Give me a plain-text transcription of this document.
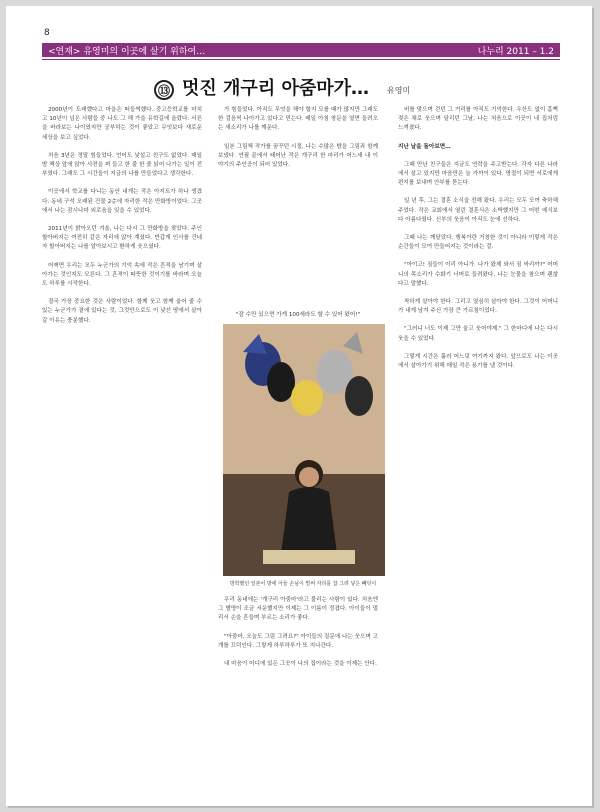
8
<연재> 유영미의 이곳에 살기 위하여…	나누리 2011 – 1.2
⑬ 멋진 개구리 아줌마가… 유영미

2000년이 도래했다고 마을은 떠들썩했다. 중고등학교를 마치고 10년이 넘은 사람들 중 나도 그 해 가을 유학길에 올랐다. 서른을 바라보는 나이였지만 공부하는 것이 좋았고 무엇보다 새로운 세상을 보고 싶었다.

처음 3년은 정말 힘들었다. 언어도 낯설고 친구도 없었다. 매일 밤 책상 앞에 앉아 사전을 펴 들고 한 줄 한 줄 읽어 나가는 일이 전부였다. 그래도 그 시간들이 지금의 나를 만들었다고 생각한다.

이곳에서 학교를 다니는 동안 내게는 작은 아지트가 하나 생겼다. 동네 구석 오래된 건물 2층에 자리한 작은 만화방이었다. 그곳에서 나는 잠시나마 외로움을 잊을 수 있었다.

2011년이 밝아오던 겨울, 나는 다시 그 만화방을 찾았다. 주인 할아버지는 여전히 같은 자리에 앉아 계셨다. 반갑게 인사를 건네자 할아버지는 나를 알아보시고 환하게 웃으셨다.

어쩌면 우리는 모두 누군가의 기억 속에 작은 흔적을 남기며 살아가는 것인지도 모른다. 그 흔적이 따뜻한 것이기를 바라며 오늘도 하루를 시작한다.

결국 가장 중요한 것은 사람이었다. 함께 웃고 함께 울어 줄 수 있는 누군가가 곁에 있다는 것, 그것만으로도 이 낯선 땅에서 살아갈 이유는 충분했다.

가 힘들었다. 아직도 무엇을 해야 할지 모를 때가 많지만 그래도 한 걸음씩 나아가고 있다고 믿는다. 매일 아침 창문을 열면 들려오는 새소리가 나를 깨운다.

일본 그림책 작가를 꿈꾸던 시절, 나는 수많은 밤을 그림과 함께 보냈다. 연필 끝에서 태어난 작은 개구리 한 마리가 어느새 내 이야기의 주인공이 되어 있었다.

"잘 수만 있으면 가게 100세라도 할 수 있어 왔어!"
방학했던 일본어 방에 아들 손님이 벌써 자리를 잡 그려 넣은 빼딧이

우리 동네에는 '개구리 아줌마'라고 불리는 사람이 있다. 처음엔 그 별명이 조금 서운했지만 이제는 그 이름이 정겹다. 아이들이 멀리서 손을 흔들며 부르는 소리가 좋다.

"아줌마, 오늘도 그림 그려요?" 아이들의 질문에 나는 웃으며 고개를 끄덕인다. 그렇게 하루하루가 또 지나간다.

내 마음이 어디에 있든 그곳이 나의 집이라는 것을 이제는 안다.

비를 맞으며 걷던 그 거리를 아직도 기억한다. 우산도 없이 흠뻑 젖은 채로 웃으며 달리던 그날, 나는 처음으로 이곳이 내 집처럼 느껴졌다.

지난 날을 돌아보면…

그때 만난 친구들은 지금도 연락을 주고받는다. 각자 다른 나라에서 살고 있지만 마음만은 늘 가까이 있다. 명절이 되면 서로에게 편지를 보내며 안부를 묻는다.

일 년 후, 그는 결혼 소식을 전해 왔다. 우리는 모두 모여 축하해 주었다. 작은 교회에서 열린 결혼식은 소박했지만 그 어떤 예식보다 아름다웠다. 신부의 웃음이 아직도 눈에 선하다.

그때 나는 깨달았다. 행복이란 거창한 것이 아니라 이렇게 작은 순간들이 모여 만들어지는 것이라는 걸.

"아이고! 짐들이 이리 아니가. 나가 왔제 와서 짐 싸리까?" 어머니의 목소리가 수화기 너머로 들려왔다. 나는 눈물을 참으며 괜찮다고 말했다.

착하게 살아야 한다. 그리고 열심히 살아야 한다. 그것이 어머니가 내게 남겨 주신 가장 큰 가르침이었다.

"그러니 너도 이제 그만 울고 웃어야제." 그 한마디에 나는 다시 웃을 수 있었다.

그렇게 시간은 흘러 어느덧 여기까지 왔다. 앞으로도 나는 이곳에서 살아가기 위해 매일 작은 용기를 낼 것이다.
